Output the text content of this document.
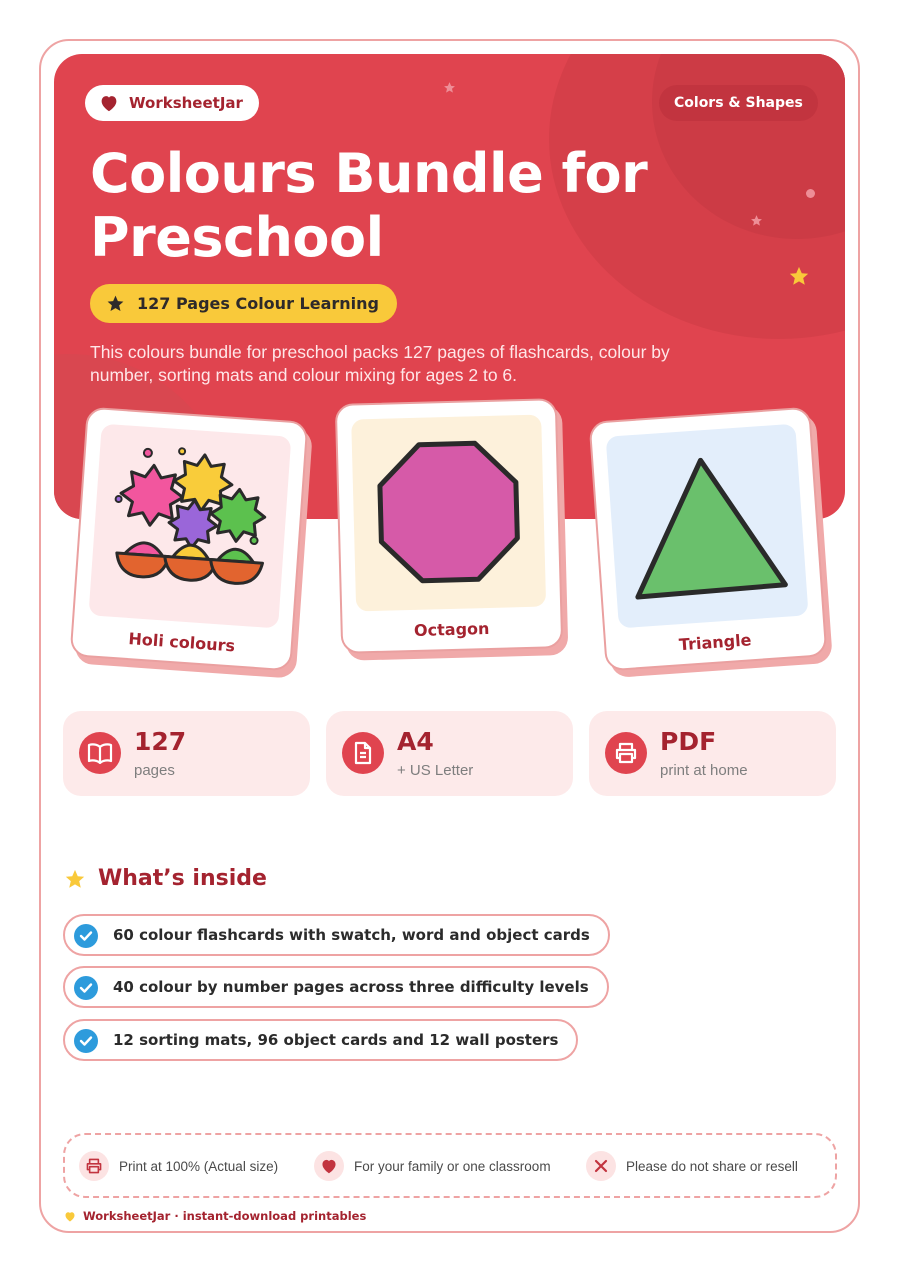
WorksheetJar	Colors & Shapes
Colours Bundle for Preschool
127 Pages Colour Learning

This colours bundle for preschool packs 127 pages of flashcards, colour by number, sorting mats and colour mixing for ages 2 to 6.

Holi colours	Octagon
Triangle
127
pages
A4
+ US Letter
PDF
print at home
What’s inside
60 colour flashcards with swatch, word and object cards
40 colour by number pages across three difficulty levels
12 sorting mats, 96 object cards and 12 wall posters
Print at 100% (Actual size)	For your family or one classroom	Please do not share or resell
WorksheetJar · instant-download printables
